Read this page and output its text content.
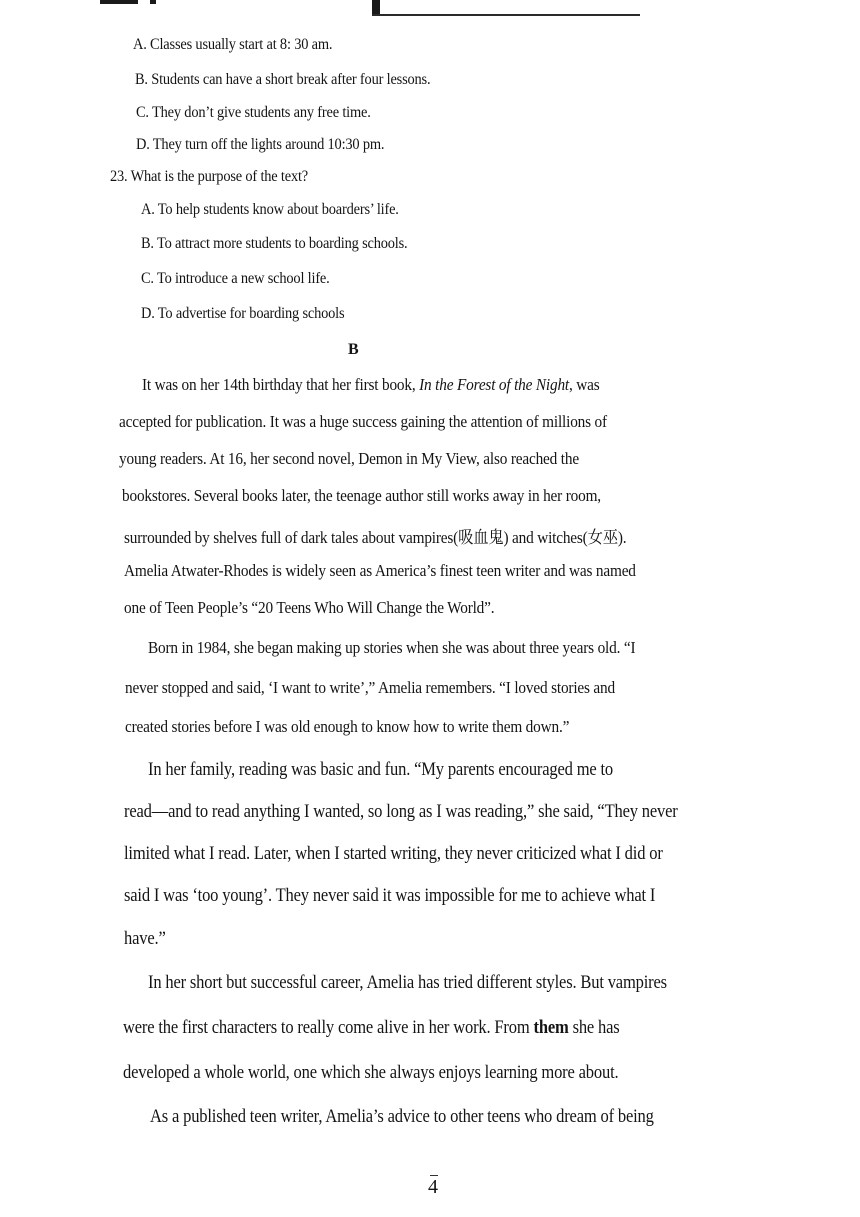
A. Classes usually start at 8: 30 am.
B. Students can have a short break after four lessons.
C. They don’t give students any free time.
D. They turn off the lights around 10:30 pm.
23. What is the purpose of the text?
A. To help students know about boarders’ life.
B. To attract more students to boarding schools.
C. To introduce a new school life.
D. To advertise for boarding schools
B
It was on her 14th birthday that her first book, In the Forest of the Night, was
accepted for publication. It was a huge success gaining the attention of millions of
young readers. At 16, her second novel, Demon in My View, also reached the
bookstores. Several books later, the teenage author still works away in her room,
surrounded by shelves full of dark tales about vampires(吸血鬼) and witches(女巫).
Amelia Atwater-Rhodes is widely seen as America’s finest teen writer and was named
one of Teen People’s “20 Teens Who Will Change the World”.
Born in 1984, she began making up stories when she was about three years old. “I
never stopped and said, ‘I want to write’,” Amelia remembers. “I loved stories and
created stories before I was old enough to know how to write them down.”
In her family, reading was basic and fun. “My parents encouraged me to
read—and to read anything I wanted, so long as I was reading,” she said, “They never
limited what I read. Later, when I started writing, they never criticized what I did or
said I was ‘too young’. They never said it was impossible for me to achieve what I
have.”
In her short but successful career, Amelia has tried different styles. But vampires
were the first characters to really come alive in her work. From them she has
developed a whole world, one which she always enjoys learning more about.
As a published teen writer, Amelia’s advice to other teens who dream of being
4
